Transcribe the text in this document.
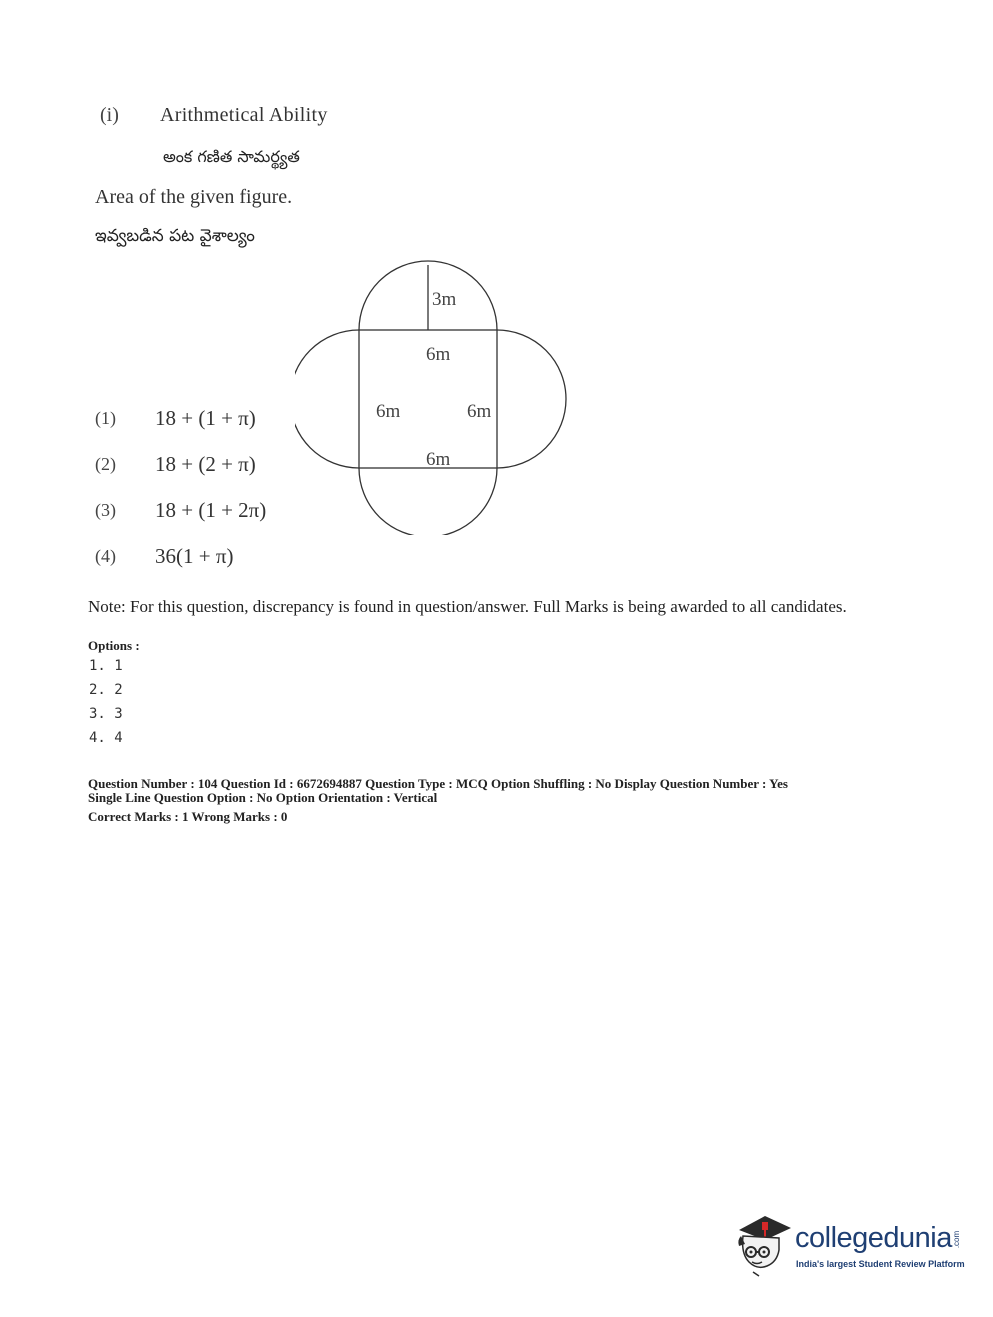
(i) Arithmetical Ability
అంక గణిత సామర్థ్యత
Area of the given figure.
ఇవ్వబడిన పట వైశాల్యం
3m
6m
6m	6m
6m
(1) 18 + (1 + π)
(2) 18 + (2 + π)
(3) 18 + (1 + 2π)
(4) 36(1 + π)
Note: For this question, discrepancy is found in question/answer. Full Marks is being awarded to all candidates.
Options :
1. 1
2. 2
3. 3
4. 4
Question Number : 104 Question Id : 6672694887 Question Type : MCQ Option Shuffling : No Display Question Number : Yes
Single Line Question Option : No Option Orientation : Vertical
Correct Marks : 1 Wrong Marks : 0
collegedunia .com
India's largest Student Review Platform
